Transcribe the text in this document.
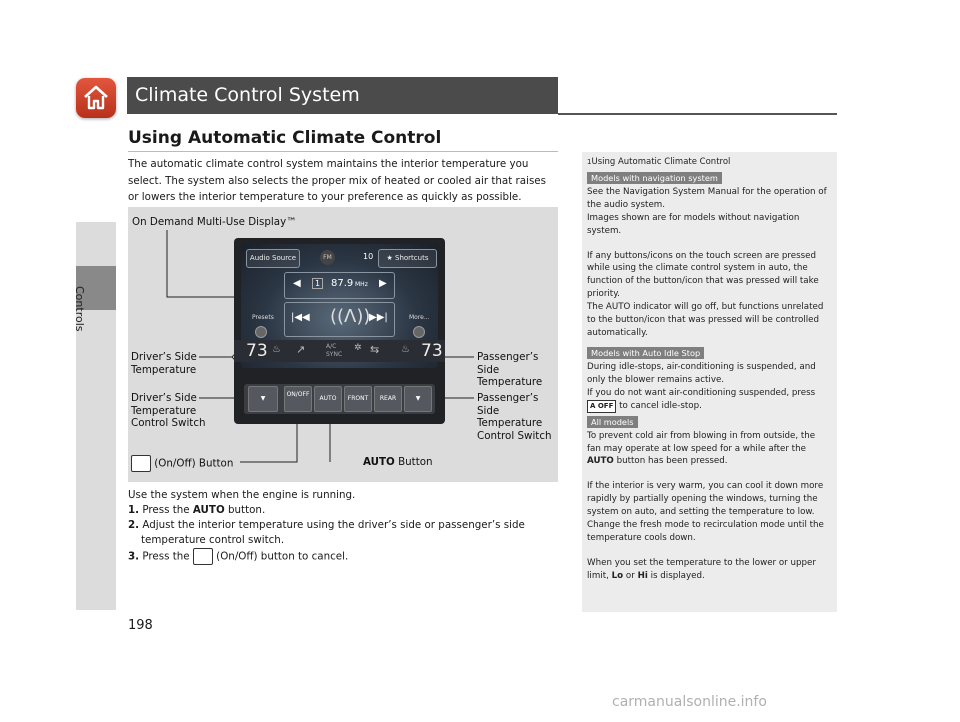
Climate Control System
Controls
Using Automatic Climate Control
The automatic climate control system maintains the interior temperature you select. The system also selects the proper mix of heated or cooled air that raises or lowers the interior temperature to your preference as quickly as possible.
Audio Source	FM	10	★ Shortcuts
◀	1	87.9 MHz ▶
|◀◀ ((Λ))
▶▶|
Presets	More...
♨ ↗	A/C
SYNC
✲ ⇆ ♨
73	73
▼
ON/OFF
AUTO	FRONT	REAR	▼
On Demand Multi-Use Display™
Driver’s Side Temperature
Driver’s Side Temperature Control Switch
Passenger’s Side Temperature
Passenger’s Side Temperature Control Switch
(On/Off) Button	AUTO Button
Use the system when the engine is running.
1. Press the AUTO button.
2. Adjust the interior temperature using the driver’s side or passenger’s side temperature control switch.
3. Press the  (On/Off) button to cancel.
1Using Automatic Climate Control
Models with navigation system
See the Navigation System Manual for the operation of the audio system.
Images shown are for models without navigation system.
If any buttons/icons on the touch screen are pressed while using the climate control system in auto, the function of the button/icon that was pressed will take priority.
The AUTO indicator will go off, but functions unrelated to the button/icon that was pressed will be controlled automatically.
Models with Auto Idle Stop
During idle-stops, air-conditioning is suspended, and only the blower remains active.
If you do not want air-conditioning suspended, press A OFF to cancel idle-stop.
All models
To prevent cold air from blowing in from outside, the fan may operate at low speed for a while after the AUTO button has been pressed.
If the interior is very warm, you can cool it down more rapidly by partially opening the windows, turning the system on auto, and setting the temperature to low. Change the fresh mode to recirculation mode until the temperature cools down.
When you set the temperature to the lower or upper limit, Lo or Hi is displayed.
198
carmanualsonline.info
